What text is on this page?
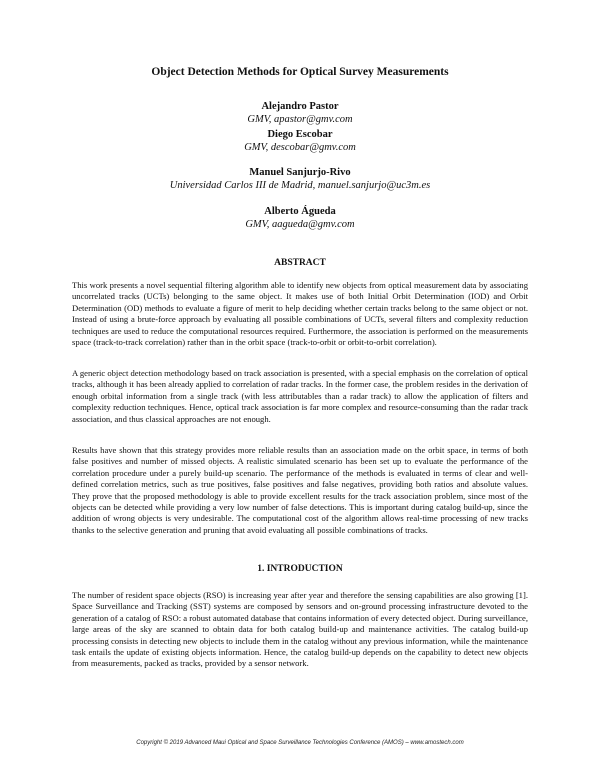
Object Detection Methods for Optical Survey Measurements
Alejandro Pastor
GMV, apastor@gmv.com
Diego Escobar
GMV, descobar@gmv.com
Manuel Sanjurjo-Rivo
Universidad Carlos III de Madrid, manuel.sanjurjo@uc3m.es
Alberto Águeda
GMV, aagueda@gmv.com
ABSTRACT

This work presents a novel sequential filtering algorithm able to identify new objects from optical measurement data by associating uncorrelated tracks (UCTs) belonging to the same object. It makes use of both Initial Orbit Determination (IOD) and Orbit Determination (OD) methods to evaluate a figure of merit to help deciding whether certain tracks belong to the same object or not. Instead of using a brute-force approach by evaluating all possible combinations of UCTs, several filters and complexity reduction techniques are used to reduce the computational resources required. Furthermore, the association is performed on the measurements space (track-to-track correlation) rather than in the orbit space (track-to-orbit or orbit-to-orbit correlation).

A generic object detection methodology based on track association is presented, with a special emphasis on the correlation of optical tracks, although it has been already applied to correlation of radar tracks. In the former case, the problem resides in the derivation of enough orbital information from a single track (with less attributables than a radar track) to allow the application of filters and complexity reduction techniques. Hence, optical track association is far more complex and resource-consuming than the radar track association, and thus classical approaches are not enough.

Results have shown that this strategy provides more reliable results than an association made on the orbit space, in terms of both false positives and number of missed objects. A realistic simulated scenario has been set up to evaluate the performance of the correlation procedure under a purely build-up scenario. The performance of the methods is evaluated in terms of clear and well-defined correlation metrics, such as true positives, false positives and false negatives, providing both ratios and absolute values. They prove that the proposed methodology is able to provide excellent results for the track association problem, since most of the objects can be detected while providing a very low number of false detections. This is important during catalog build-up, since the addition of wrong objects is very undesirable. The computational cost of the algorithm allows real-time processing of new tracks thanks to the selective generation and pruning that avoid evaluating all possible combinations of tracks.

1. INTRODUCTION

The number of resident space objects (RSO) is increasing year after year and therefore the sensing capabilities are also growing [1]. Space Surveillance and Tracking (SST) systems are composed by sensors and on-ground processing infrastructure devoted to the generation of a catalog of RSO: a robust automated database that contains information of every detected object. During surveillance, large areas of the sky are scanned to obtain data for both catalog build-up and maintenance activities. The catalog build-up processing consists in detecting new objects to include them in the catalog without any previous information, while the maintenance task entails the update of existing objects information. Hence, the catalog build-up depends on the capability to detect new objects from measurements, packed as tracks, provided by a sensor network.

Copyright © 2019 Advanced Maui Optical and Space Surveillance Technologies Conference (AMOS) – www.amostech.com
